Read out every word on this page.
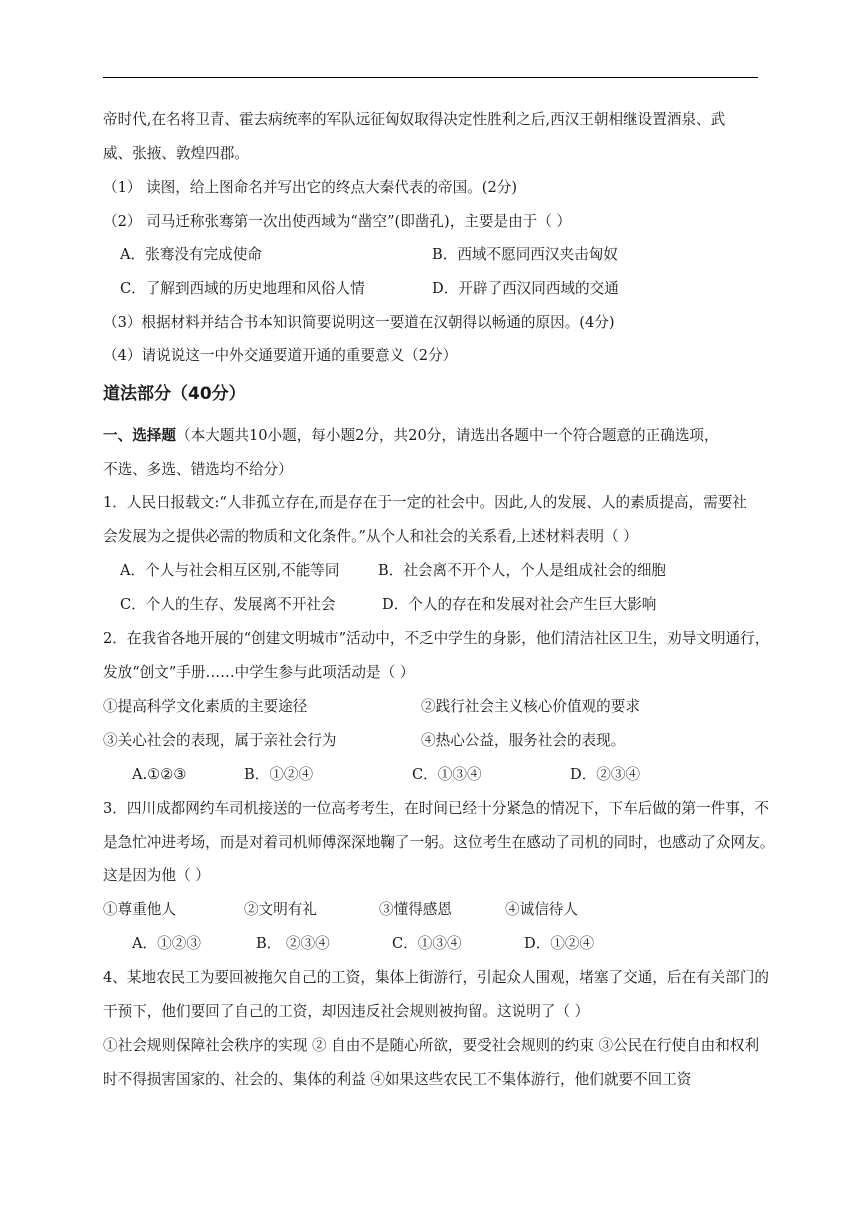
帝时代,在名将卫青、霍去病统率的军队远征匈奴取得决定性胜利之后,西汉王朝相继设置酒泉、武
威、张掖、敦煌四郡。
（1） 读图，给上图命名并写出它的终点大秦代表的帝国。(2分)
（2） 司马迁称张骞第一次出使西域为“凿空”(即凿孔)，主要是由于（ ）
A．张骞没有完成使命	B．西域不愿同西汉夹击匈奴
C．了解到西域的历史地理和风俗人情	D．开辟了西汉同西域的交通
（3）根据材料并结合书本知识简要说明这一要道在汉朝得以畅通的原因。(4分)
（4）请说说这一中外交通要道开通的重要意义（2分）
道法部分（40分）
一、选择题（本大题共10小题，每小题2分，共20分，请选出各题中一个符合题意的正确选项，
不选、多选、错选均不给分）
1．人民日报载文:“人非孤立存在,而是存在于一定的社会中。因此,人的发展、人的素质提高，需要社
会发展为之提供必需的物质和文化条件。”从个人和社会的关系看,上述材料表明（ ）
A．个人与社会相互区别,不能等同	B．社会离不开个人，个人是组成社会的细胞
C．个人的生存、发展离不开社会	D．个人的存在和发展对社会产生巨大影响
2．在我省各地开展的“创建文明城市”活动中，不乏中学生的身影，他们清洁社区卫生，劝导文明通行，
发放“创文”手册……中学生参与此项活动是（ ）
①提高科学文化素质的主要途径	②践行社会主义核心价值观的要求
③关心社会的表现，属于亲社会行为	④热心公益，服务社会的表现。
A.①②③	B．①②④	C．①③④	D．②③④
3．四川成都网约车司机接送的一位高考考生，在时间已经十分紧急的情况下，下车后做的第一件事，不
是急忙冲进考场，而是对着司机师傅深深地鞠了一躬。这位考生在感动了司机的同时，也感动了众网友。
这是因为他（ ）
①尊重他人	②文明有礼	③懂得感恩	④诚信待人
A．①②③	B． ②③④	C．①③④	D．①②④
4、某地农民工为要回被拖欠自己的工资，集体上街游行，引起众人围观，堵塞了交通，后在有关部门的
干预下，他们要回了自己的工资，却因违反社会规则被拘留。这说明了（ ）
①社会规则保障社会秩序的实现 ② 自由不是随心所欲，要受社会规则的约束 ③公民在行使自由和权利
时不得损害国家的、社会的、集体的利益 ④如果这些农民工不集体游行，他们就要不回工资
